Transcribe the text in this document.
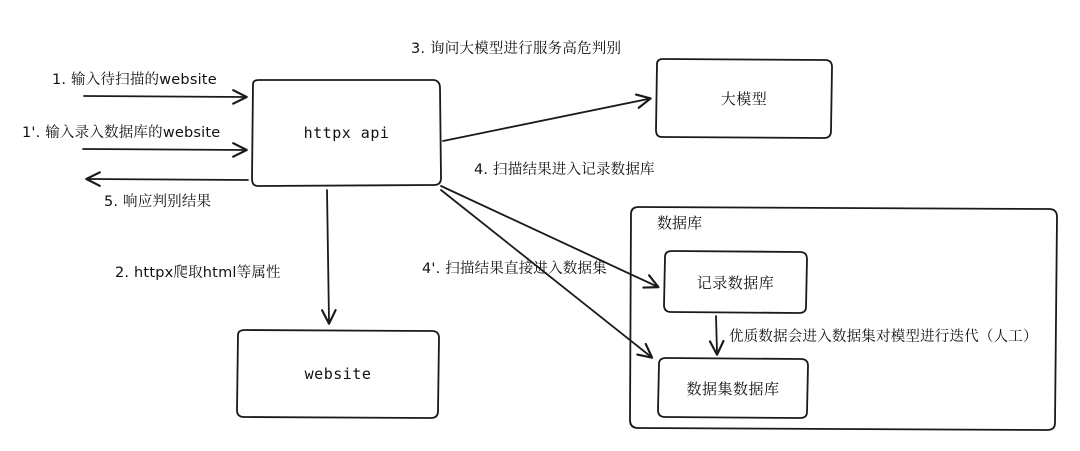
httpx api
大模型
website
数据库
记录数据库
数据集数据库
1. 输入待扫描的website
1'. 输入录入数据库的website
5. 响应判别结果
3. 询问大模型进行服务高危判别
2. httpx爬取html等属性
4. 扫描结果进入记录数据库
4'. 扫描结果直接进入数据集
优质数据会进入数据集对模型进行迭代（人工）
